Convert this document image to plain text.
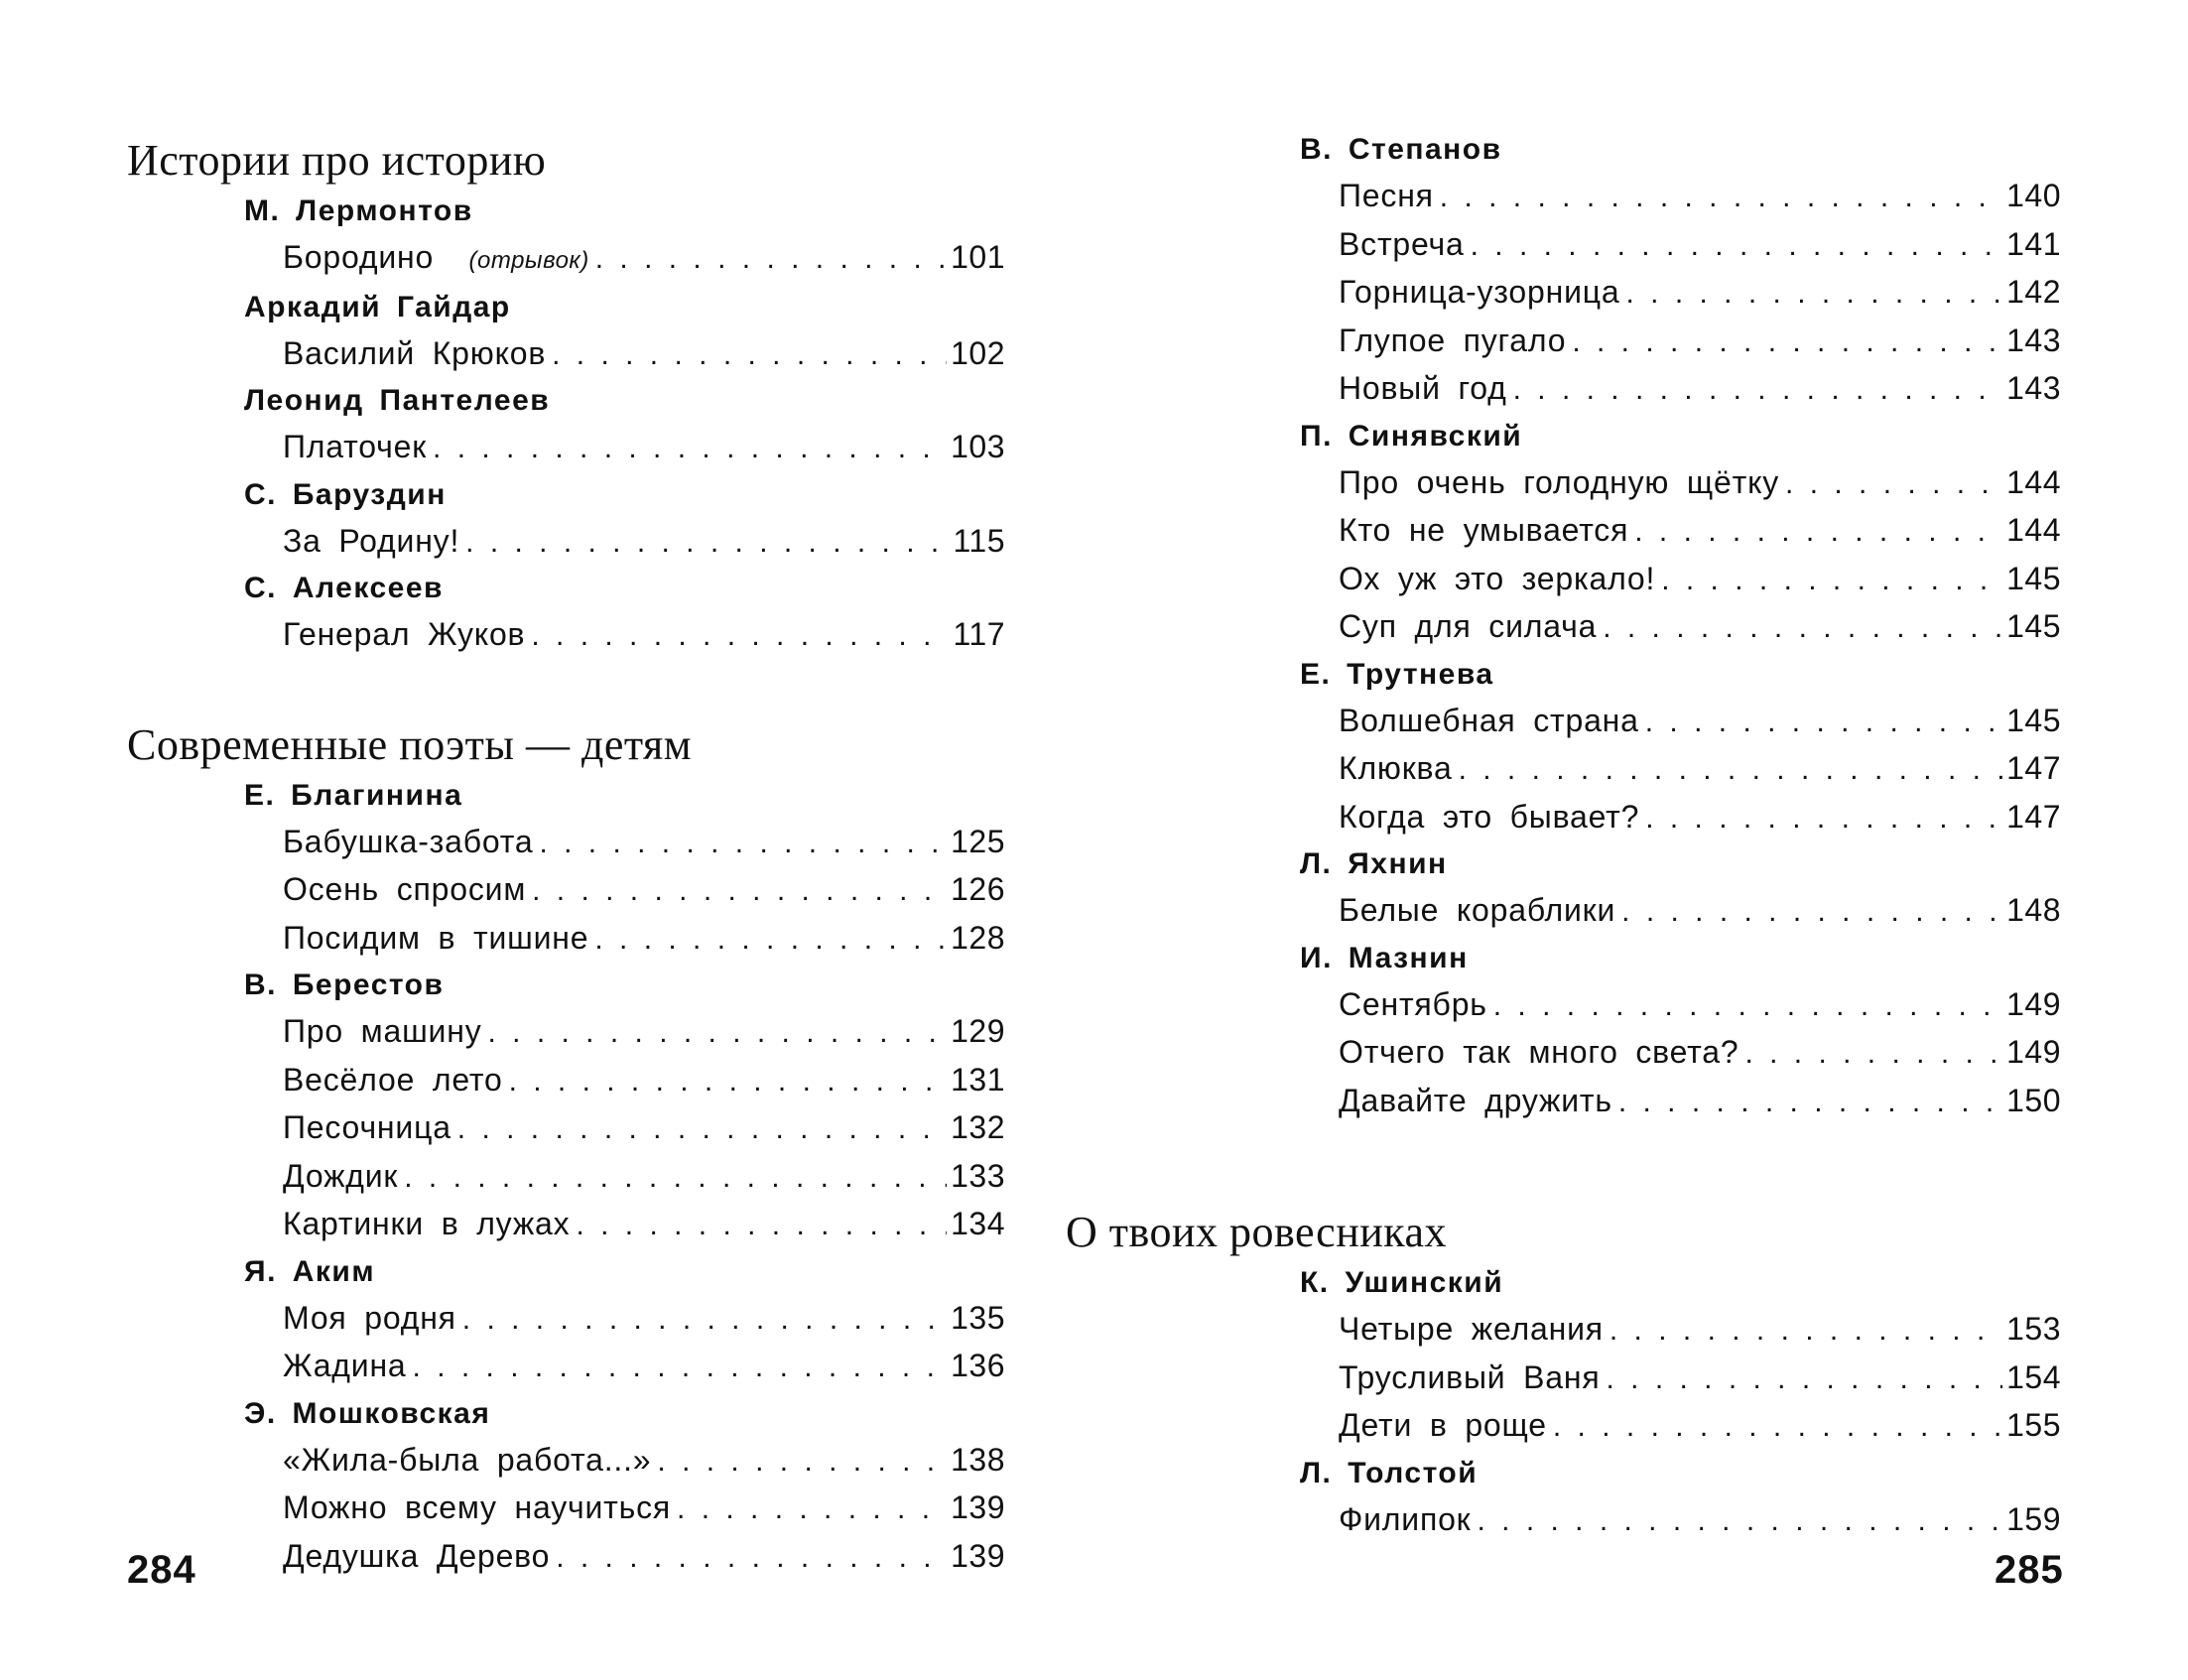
Истории про историю
М. Лермонтов
Бородино (отрывок) . . .	101
Аркадий Гайдар
Василий Крюков . . .	102
Леонид Пантелеев
Платочек . . .	103
С. Баруздин
За Родину! . . .	115
С. Алексеев
Генерал Жуков . . .	117
Современные поэты — детям
Е. Благинина
Бабушка-забота . . .	125
Осень спросим . . .	126
Посидим в тишине . . .	128
В. Берестов
Про машину . . .	129
Весёлое лето . . .	131
Песочница . . .	132
Дождик . . .	133
Картинки в лужах . . .	134
Я. Аким
Моя родня . . .	135
Жадина . . .	136
Э. Мошковская
«Жила-была работа...» . . .	138
Можно всему научиться . . .	139
Дедушка Дерево . . .	139
284
В. Степанов
Песня . . .	140
Встреча . . .	141
Горница-узорница . . .	142
Глупое пугало . . .	143
Новый год . . .	143
П. Синявский
Про очень голодную щётку . . .	144
Кто не умывается . . .	144
Ох уж это зеркало! . . .	145
Суп для силача . . .	145
Е. Трутнева
Волшебная страна . . .	145
Клюква . . .	147
Когда это бывает? . . .	147
Л. Яхнин
Белые кораблики . . .	148
И. Мазнин
Сентябрь . . .	149
Отчего так много света? . . .	149
Давайте дружить . . .	150
О твоих ровесниках
К. Ушинский
Четыре желания . . .	153
Трусливый Ваня . . .	154
Дети в роще . . .	155
Л. Толстой
Филипок . . .	159
285
